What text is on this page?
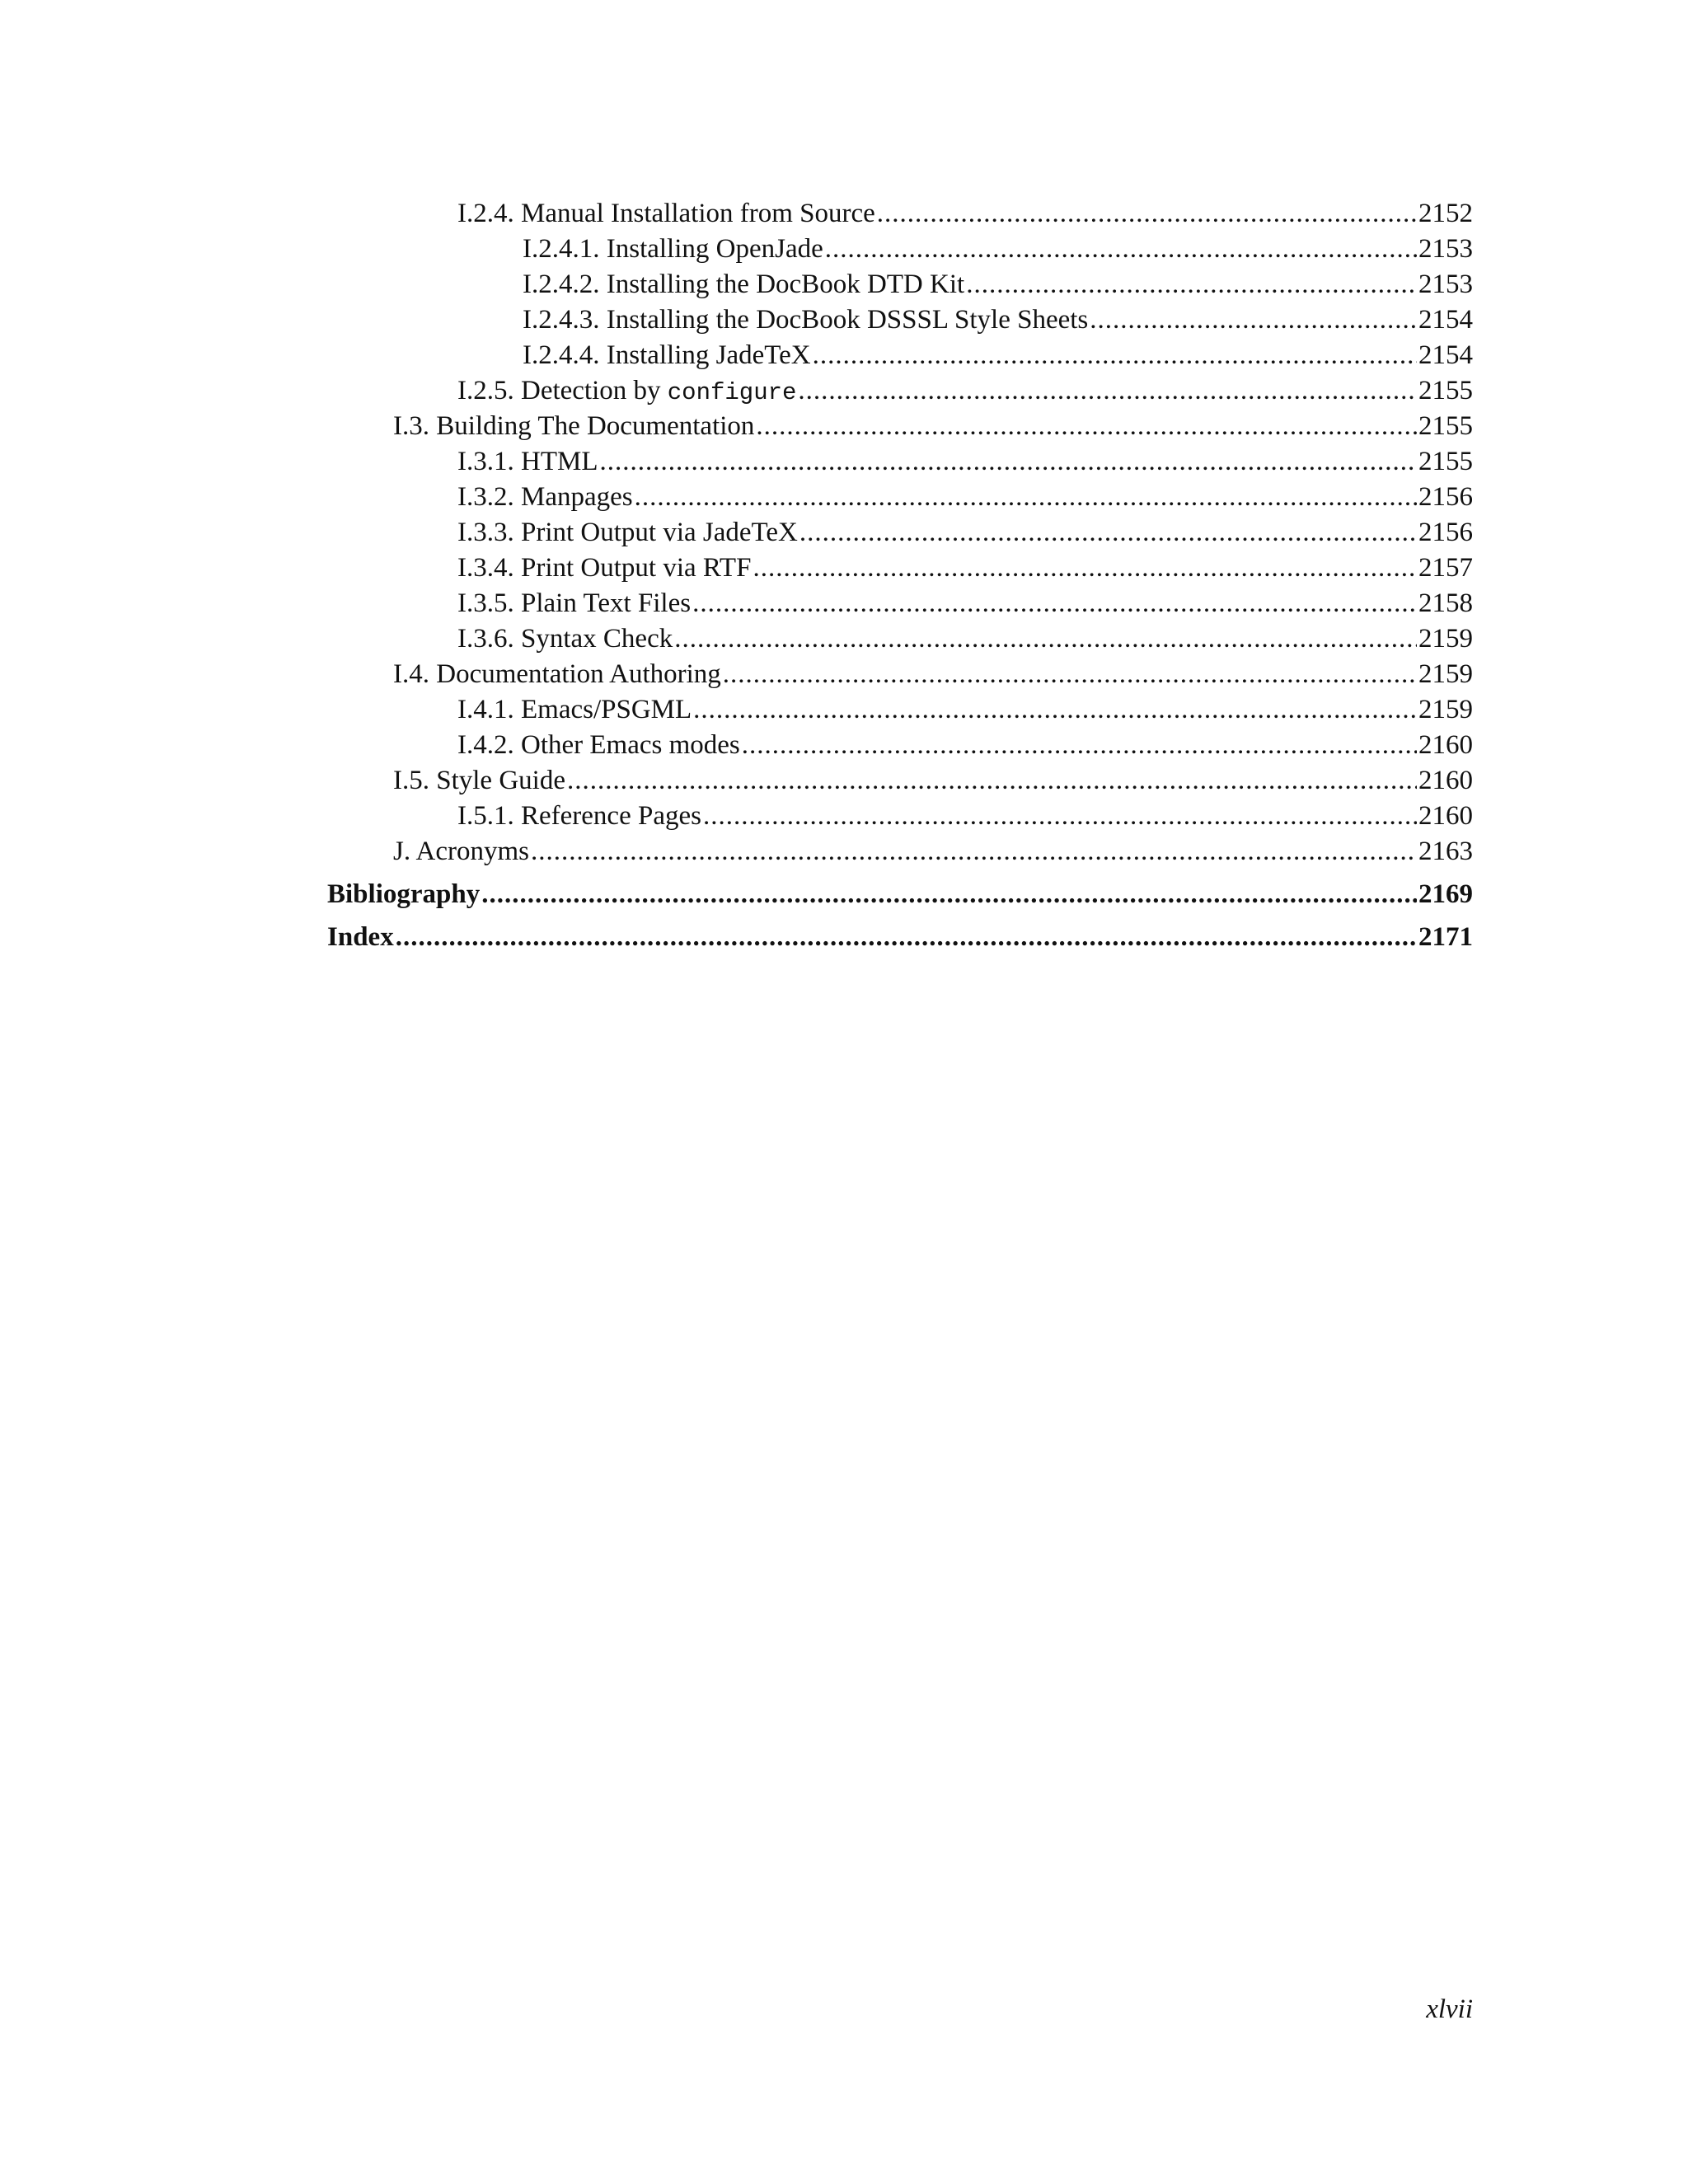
I.2.4. Manual Installation from Source .....	2152
I.2.4.1. Installing OpenJade .....	2153
I.2.4.2. Installing the DocBook DTD Kit .....	2153
I.2.4.3. Installing the DocBook DSSSL Style Sheets .....	2154
I.2.4.4. Installing JadeTeX .....	2154
I.2.5. Detection by configure .....	2155
I.3. Building The Documentation .....	2155
I.3.1. HTML .....	2155
I.3.2. Manpages .....	2156
I.3.3. Print Output via JadeTeX .....	2156
I.3.4. Print Output via RTF .....	2157
I.3.5. Plain Text Files .....	2158
I.3.6. Syntax Check .....	2159
I.4. Documentation Authoring .....	2159
I.4.1. Emacs/PSGML .....	2159
I.4.2. Other Emacs modes .....	2160
I.5. Style Guide .....	2160
I.5.1. Reference Pages .....	2160
J. Acronyms .....	2163
Bibliography .....	2169
Index .....	2171
xlvii
